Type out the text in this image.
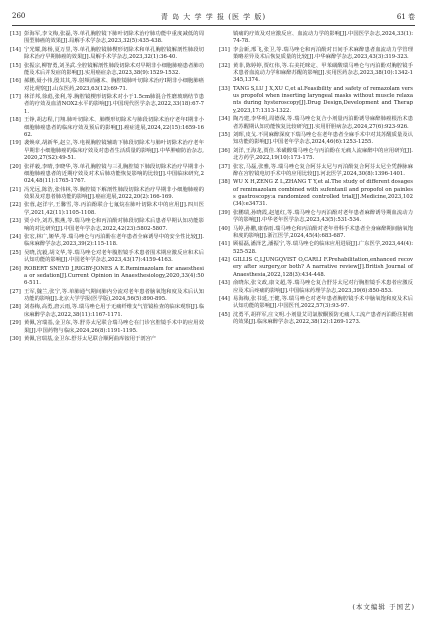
260	青 岛 大 学 学 报 (医 学 版)	61 卷
[13] 彭海军,李文梅,张磊,等.单孔胸腔镜下肺叶切除术治疗肺功能中重度减低的周围型肺癌的效果[J].局解手术学杂志,2023,32(5):435-438.
[14] 宁光耀,陈杨,夏万里,等.单孔胸腔镜肺楔形切除术和单孔胸腔镜解剖性肺段切除术治疗早期肺癌的效果[J].局解手术学杂志,2023,32(1):36-40.
[15] 张振宗,柳智勇,刘圣武.全腔镜解剖性肺段切除术对早期非小细胞肺癌患者肺功能及术后并发症的影响[J].实用癌症杂志,2023,38(9):1529-1532.
[16] 郝鹏,聂小伟,殷其其,等.射频消融术、胸腔镜肺叶切除术治疗Ⅰ期非小细胞肺癌对比观察[J].山东医药,2023,63(12):69-71.
[17] 林洋邦,徐彪,张利,等.胸腔镜楔形切除术对小于1.5cm肺混合性磨玻璃结节患者的疗效及血清NOX2水平的影响[J].中国现代医学杂志,2022,33(18):67-71.
[18] 王铮,胡志程,门翔.肺叶切除术、肺楔形切除术与肺段切除术治疗老年Ⅰ期非小细胞肺癌患者的临床疗效及预后的影响[J].癌症进展,2024,22(15):1659-1662.
[19] 袭焕章,胡新华,赵立,等.电视胸腔镜辅助下肺段切除术与肺叶切除术治疗老年早期非小细胞肺癌的临床疗效及对患者生活质量的影响[J].中华肿瘤防治杂志,2020,27(S2):49-51.
[20] 张祥毅,李晴,李晓华,等.单孔胸腔镜与三孔胸腔镜下肺段切除术治疗早期非小细胞肺癌患者的近期疗效及对术后肺功能恢复影响的比较[J].中国临床研究,2024,48(11):1765-1767.
[21] 冯光远,陈浩,张伟林,等.胸腔镜下解剖性肺段切除术治疗早期非小细胞肺癌的效果及对患者肺功能的影响[J].癌症进展,2022,20(2):166-169.
[22] 张蓉,赵洋宇,王馨雪,等.丙泊酚联合七氟烷在肺叶切除术中的应用[J].四川医学,2021,42(11):1105-1108.
[23] 贾小玲,刘苏,熊燕,等.瑞马唑仑和丙泊酚对肺段切除术后患者早期认知功能影响的对比研究[J].中国老年学杂志,2022,42(23):5802-5807.
[24] 张宏,林广,姬华,等.瑞马唑仑与丙泊酚在老年患者全麻诱导中的安全性比较[J].临床麻醉学杂志,2023,39(2):115-118.
[25] 吴晓,沈毅,胡文华,等.瑞马唑仑对老年腹腔镜手术患者围术期应激反应和术后认知功能的影响[J].中国老年学杂志,2023,43(17):4159-4163.
[26] ROBERT SNEYD J,RIGBY-JONES A E.Remimazolam for anaesthesia or sedation[J].Current Opinion in Anaesthesiology,2020,33(4):506-511.
[27] 王军,魏兰,张宁,等.单肺通气期间肺内分流对老年患者脑氧饱和度及术后认知功能的影响[J].北京大学学报(医学版),2024,56(5):890-895.
[28] 刘春梅,高勇,唐云雨,等.瑞马唑仑用于无痛纤维支气管镜检查的临床观察[J].临床麻醉学杂志,2022,38(11):1167-1171.
[29] 黄佩,宫瑞基,金卫东,等.舒芬太尼联合瑞马唑仑在门诊宫腔镜手术中的应用效果[J].中国药物与临床,2024,26(8):1191-1195.
[30] 黄佩,宫瑞基,金卫东.舒芬太尼联合顺阿曲库铵用于剖宫产
镇痛的疗效及对应激反应、血流动力学的影响[J].中国医学杂志,2024,33(1):74-78.
[31] 李会新,邢飞,张卫,等.瑞马唑仑和丙泊酚对日间手术麻醉患者血流动力学管理策略差异及术后恢复质量的比较[J].中华麻醉学杂志,2023,43(3):319-323.
[32] 黄菲,陈婷婷,贾红伟,等.右美托咪定、甲苯磺酸瑞马唑仑与丙泊酚对胸腔镜手术患者血流动力学和麻醉苏醒的影响[J].实用医药杂志,2023,38(10):1342-1345,1374.
[33] TANG S,LU J X,XU C,et al.Feasibility and safety of remazolam versus propofol when inserting laryngeal masks without muscle relaxants during hysteroscopy[J].Drug Design,Development and Therapy,2023,17:1313-1322.
[34] 陶乃建,李华明,周德保,等.瑞马唑仑复合小剂量丙泊酚诱导麻醉肺癌根治术患者苏醒期认知功能恢复比较研究[J].实用肝胆病杂志,2024,27(6):923-926.
[35] 刘晖,皮戈.不同麻醉深度下瑞马唑仑在老年患者全麻手术中对其苏醒质量及认知功能的影响[J].中国老年学杂志,2024,46(6):1253-1255.
[36] 刘洋,王海龙,贾佳.苯磺酸瑞马唑仑与丙泊酚在无痛人流麻醉中的应用研究[J].北方药学,2022,19(10):173-175.
[37] 张宏,马磊,张雅,等.瑞马唑仑复合阿芬太尼与丙泊酚复合阿芬太尼全凭静脉麻醉在宫腔镜电切手术中的应用比较[J].河北医学,2024,30(8):1396-1401.
[38] WU X H,ZENG Z L,ZHANG T Y,et al.The study of different dosages of remimazolam combined with sufentanil and propofol on painless gastroscopy:a randomized controlled trial[J].Medicine,2023,102(34):e34731.
[39] 张鹏瑞,孙晓霞,赵旭红,等.瑞马唑仑与丙泊酚对老年患者麻醉诱导期血流动力学的影响[J].中华老年医学杂志,2023,43(5):531-534.
[40] 马婷,孙鹏,康春雨.瑞马唑仑和丙泊酚对老年骨科手术患者全身麻醉期间脑氧饱和度的影响[J].浙江医学,2024,45(4):683-687.
[41] 顾福磊,潘泽艺,潘振宁,等.瑞马唑仑的临床应用进展[J].广东医学,2023,44(4):525-528.
[42] GILLIS C,LJUNGQVIST O,CARLI F.Prehabilitation,enhanced recovery after surgery,or both? A narrative review[J].British Journal of Anaesthesia,2022,128(3):434-448.
[43] 俞晓东,张文政,康文超,等.瑞马唑仑复合舒芬太尼对行胸腔镜手术患者应激反应及术后疼痛的影响[J].中国临床药理学杂志,2023,39(6):850-853.
[44] 易海梅,张书延,王健,等.瑞马唑仑对老年患者胸腔镜手术中脑氧饱和度及术后认知功能的影响[J].中国医刊,2022,57(3):93-97.
[45] 沈勇平,胡祥军,庄文明.小剂量艾司氯胺酮预防无痛人工流产患者丙泊酚注射痛的效果[J].临床麻醉学杂志,2022,38(12):1269-1273.
(本文编辑 于国艺)
